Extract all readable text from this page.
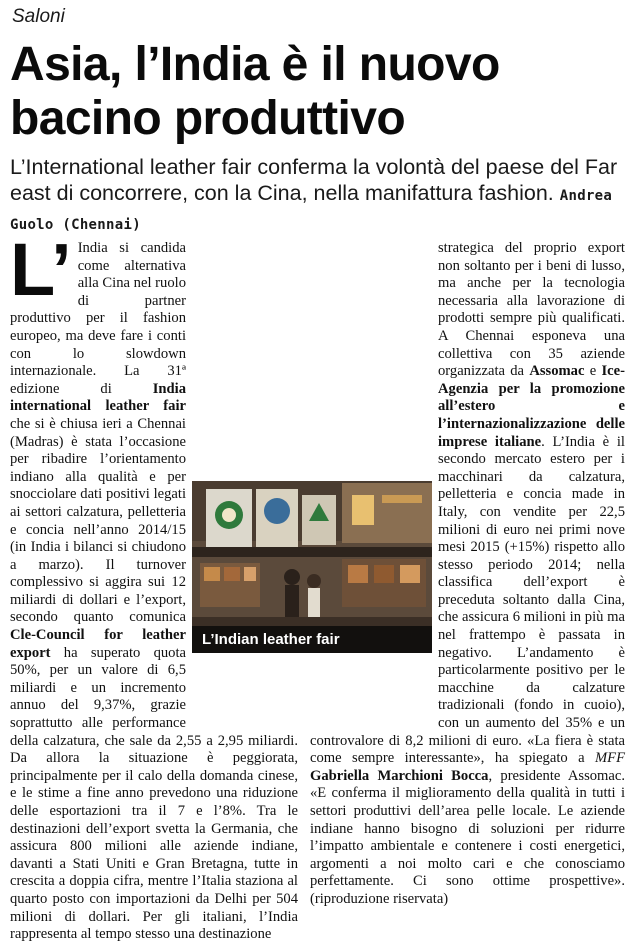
Saloni
Asia, l’India è il nuovo bacino produttivo

L’International leather fair conferma la volontà del paese del Far east di concorrere, con la Cina, nella manifattura fashion. Andrea Guolo (Chennai)

L’ India si candida come alternativa alla Cina nel ruolo di partner produttivo per il fashion europeo, ma deve fare i conti con lo slowdown internazionale. La 31ª edizione di India international leather fair che si è chiusa ieri a Chennai (Madras) è stata l’occasione per ribadire l’orientamento indiano alla qualità e per snocciolare dati positivi legati ai settori calzatura, pelletteria e concia nell’anno 2014/15 (in India i bilanci si chiudono a marzo). Il turnover complessivo si aggira sui 12 miliardi di dollari e l’export, secondo quanto comunica Cle-Council for leather export ha superato quota 50%, per un valore di 6,5 miliardi e un incremento annuo del 9,37%, grazie soprattutto alle performance della calzatura, che sale da 2,55 a 2,95 miliardi. Da allora la situazione è peggiorata, principalmente per il calo della domanda cinese, e le stime a fine anno prevedono una riduzione delle esportazioni tra il 7 e l’8%. Tra le destinazioni dell’export svetta la Germania, che assicura 800 milioni alle aziende indiane, davanti a Stati Uniti e Gran Bretagna, tutte in crescita a doppia cifra, mentre l’Italia staziona al quarto posto con importazioni da Delhi per 504 milioni di dollari. Per gli italiani, l’India rappresenta al tempo stesso una destinazione

strategica del proprio export non soltanto per i beni di lusso, ma anche per la tecnologia necessaria alla lavorazione di prodotti sempre più qualificati. A Chennai esponeva una collettiva con 35 aziende organizzata da Assomac e Ice-Agenzia per la promozione all’estero e l’internazionalizzazione delle imprese italiane. L’India è il secondo mercato estero per i macchinari da calzatura, pelletteria e concia made in Italy, con vendite per 22,5 milioni di euro nei primi nove mesi 2015 (+15%) rispetto allo stesso periodo 2014; nella classifica dell’export è preceduta soltanto dalla Cina, che assicura 6 milioni in più ma nel frattempo è passata in negativo. L’andamento è particolarmente positivo per le macchine da calzature tradizionali (fondo in cuoio), con un aumento del 35% e un controvalore di 8,2 milioni di euro. «La fiera è stata come sempre interessante», ha spiegato a MFF Gabriella Marchioni Bocca, presidente Assomac. «E conferma il miglioramento della qualità in tutti i settori produttivi dell’area pelle locale. Le aziende indiane hanno bisogno di soluzioni per ridurre l’impatto ambientale e contenere i costi energetici, argomenti a noi molto cari e che conosciamo perfettamente. Ci sono ottime prospettive». (riproduzione riservata)

L’Indian leather fair
